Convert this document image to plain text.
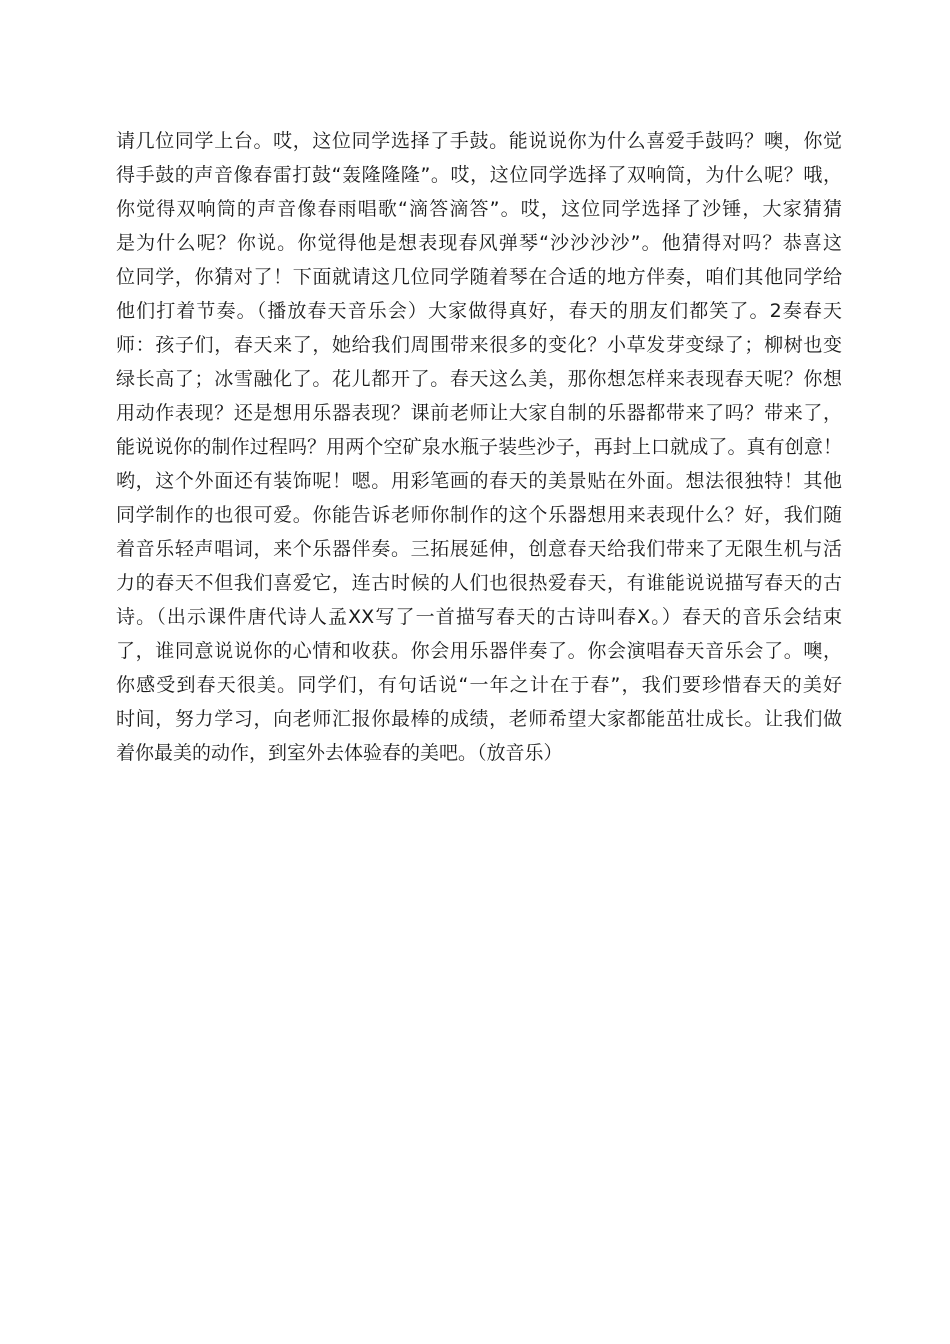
请几位同学上台。哎，这位同学选择了手鼓。能说说你为什么喜爱手鼓吗？噢，你觉
得手鼓的声音像春雷打鼓“轰隆隆隆”。哎，这位同学选择了双响筒，为什么呢？哦，
你觉得双响筒的声音像春雨唱歌“滴答滴答”。哎，这位同学选择了沙锤，大家猜猜
是为什么呢？你说。你觉得他是想表现春风弹琴“沙沙沙沙”。他猜得对吗？恭喜这
位同学，你猜对了！下面就请这几位同学随着琴在合适的地方伴奏，咱们其他同学给
他们打着节奏。（播放春天音乐会）大家做得真好，春天的朋友们都笑了。2奏春天
师：孩子们，春天来了，她给我们周围带来很多的变化？小草发芽变绿了；柳树也变
绿长高了；冰雪融化了。花儿都开了。春天这么美，那你想怎样来表现春天呢？你想
用动作表现？还是想用乐器表现？课前老师让大家自制的乐器都带来了吗？带来了，
能说说你的制作过程吗？用两个空矿泉水瓶子装些沙子，再封上口就成了。真有创意！
哟，这个外面还有装饰呢！嗯。用彩笔画的春天的美景贴在外面。想法很独特！其他
同学制作的也很可爱。你能告诉老师你制作的这个乐器想用来表现什么？好，我们随
着音乐轻声唱词，来个乐器伴奏。三拓展延伸，创意春天给我们带来了无限生机与活
力的春天不但我们喜爱它，连古时候的人们也很热爱春天，有谁能说说描写春天的古
诗。（出示课件唐代诗人孟XX写了一首描写春天的古诗叫春X。）春天的音乐会结束
了，谁同意说说你的心情和收获。你会用乐器伴奏了。你会演唱春天音乐会了。噢，
你感受到春天很美。同学们，有句话说“一年之计在于春”，我们要珍惜春天的美好
时间，努力学习，向老师汇报你最棒的成绩，老师希望大家都能茁壮成长。让我们做
着你最美的动作，到室外去体验春的美吧。（放音乐）
